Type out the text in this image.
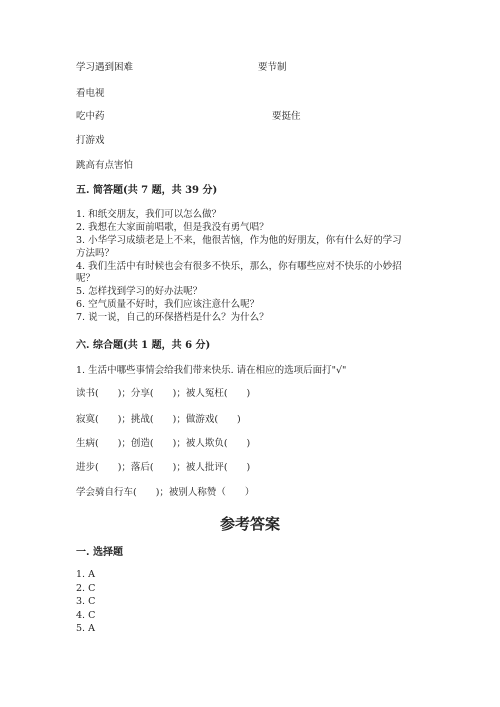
学习遇到困难	要节制
看电视
吃中药	要挺住
打游戏
跳高有点害怕
五. 简答题(共 7 题，共 39 分)
1. 和纸交朋友，我们可以怎么做？
2. 我想在大家面前唱歌，但是我没有勇气唱？
3. 小华学习成绩老是上不来，他很苦恼，作为他的好朋友，你有什么好的学习
方法吗？
4. 我们生活中有时候也会有很多不快乐，那么，你有哪些应对不快乐的小妙招
呢？
5. 怎样找到学习的好办法呢？
6. 空气质量不好时，我们应该注意什么呢？
7. 说一说，自己的环保搭档是什么？为什么？
六. 综合题(共 1 题，共 6 分)
1. 生活中哪些事情会给我们带来快乐. 请在相应的选项后面打"√"
读书(　　)；分享(　　)；被人冤枉(　　)
寂寞(　　)；挑战(　　)；做游戏(　　)
生病(　　)；创造(　　)；被人欺负(　　)
进步(　　)；落后(　　)；被人批评(　　)
学会骑自行车(　　)；被别人称赞（　　）
参考答案
一. 选择题
1. A
2. C
3. C
4. C
5. A
